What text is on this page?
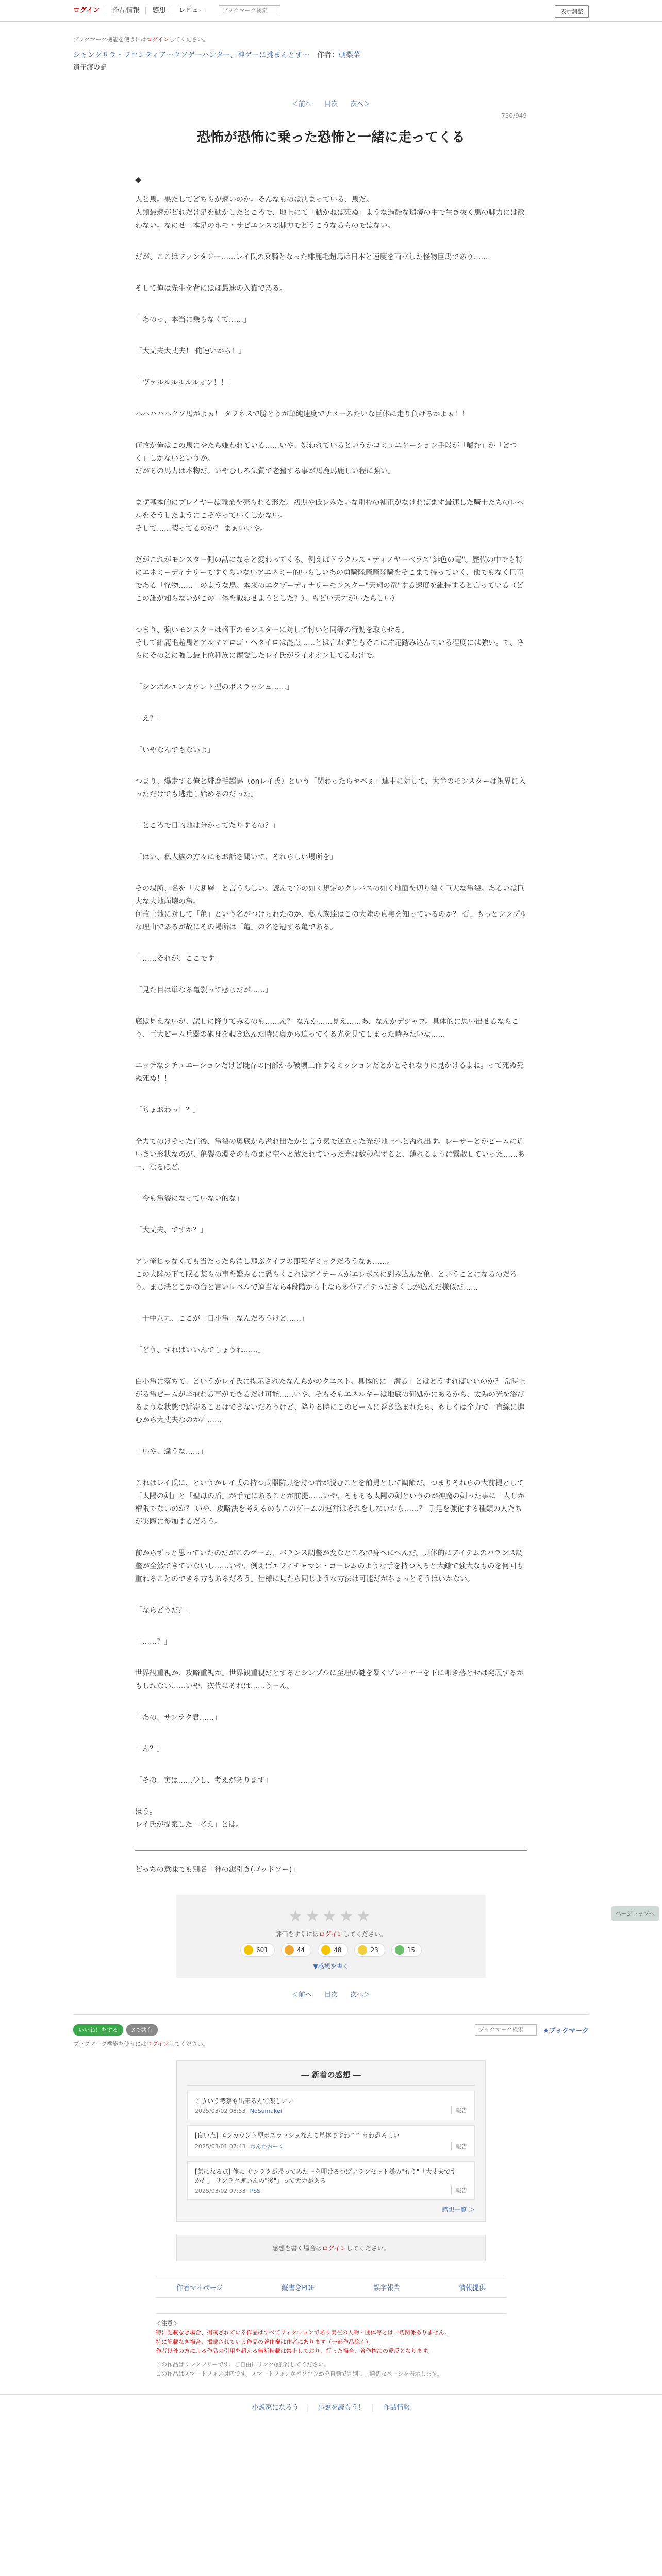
ログイン	作品情報	感想	レビュー
ブックマーク検索	表示調整
ブックマーク機能を使うにはログインしてください。
シャングリラ・フロンティア〜クソゲーハンター、神ゲーに挑まんとす〜 作者：硬梨菜
遺子渡の記
＜前へ 目次 次へ＞
730/949
恐怖が恐怖に乗った恐怖と一緒に走ってくる
◆

人と馬。果たしてどちらが速いのか。そんなものは決まっている、馬だ。
人類最速がどれだけ足を動かしたところで、地上にて「動かねば死ぬ」ような過酷な環境の中で生き抜く馬の脚力には敵わない。なにせ二本足のホモ・サピエンスの脚力でどうこうなるものではない。

だが、ここはファンタジー……レイ氏の乗騎となった緋鹿毛超馬は日本と速度を両立した怪物巨馬であり……

そして俺は先生を背にほぼ最速の入猫である。

「あのっ、本当に乗らなくて……」

「大丈夫大丈夫！ 俺速いから！」

「ヴァルルルルルルォン！！」

ハハハハハクソ馬がよぉ！ タフネスで勝とうが単純速度でナメーみたいな巨体に走り負けるかよぉ！！

何故か俺はこの馬にやたら嫌われている……いや、嫌われているというかコミュニケーション手段が「噛む」か「どつく」しかないというか。
だがその馬力は本物だ。いやむしろ気質で老獪する事が馬鹿馬鹿しい程に強い。

まず基本的にプレイヤーは職業を売られる形だ。初期や低レみたいな別枠の補正がなければまず最速した騎士たちのレベルをそうしたようにこそやっていくしかない。
そして……暇ってるのか？ まぁいいや。

だがこれがモンスター側の話になると変わってくる。例えばドラクルス・ディノヤーベラス"緋色の竜"。歴代の中でも特にエネミーディナリーですぐらいないアエネミー的いらしいあの勇騎陸騎騎陸騎をそこまで持っていく、他でもなく巨竜である「怪物……」のような鳥。本来のエクゾーディナリーモンスター"天翔の竜"する速度を維持すると言っている（どこの誰が知らないがこの二体を戦わせようとした？）、もどい天才がいたらしい）

つまり、強いモンスターは格下のモンスターに対して忖いと同等の行動を取らせる。
そして緋鹿毛超馬とアルマアロゴ・ヘタイロは混点……とは言わずともそこに片足踏み込んでいる程度には強い。で、さらにそのとに強し最上位種族に寵愛したレイ氏がライオオンしてるわけで。

「シンボルエンカウント型のボスラッシュ……」

「え？」

「いやなんでもないよ」

つまり、爆走する俺と緋鹿毛超馬（onレイ氏）という「関わったらヤベぇ」連中に対して、大半のモンスターは視界に入っただけでも逃走し始めるのだった。

「ところで目的地は分かってたりするの？」

「はい、私人族の方々にもお話を聞いて、それらしい場所を」

その場所、名を「大断層」と言うらしい。読んで字の如く規定のクレバスの如く地面を切り裂く巨大な亀裂。あるいは巨大な大地崩壊の亀。
何故上地に対して「亀」という名がつけられたのか、私人族達はこの大陸の真実を知っているのか？ 否、もっとシンプルな理由であるが故にその場所は「亀」の名を冠する亀である。

「……それが、ここです」

「見た目は単なる亀裂って感じだが……」

底は見えないが、試しに降りてみるのも……ん？ なんか……見え……あ、なんかデジャブ。具体的に思い出せるならこう、巨大ビーム兵器の砲身を覗き込んだ時に奥から迫ってくる光を見てしまった時みたいな……

ニッチなシチュエーションだけど既存の内部から破壊工作するミッションだとかとそれなりに見かけるよね。って死ぬ死ぬ死ぬ！！

「ちょおわっ！？」

全力でのけぞった直後、亀裂の奥底から溢れ出たかと言う気で逆立った光が地上へと溢れ出す。レーザーとかビームに近いきい形状なのが、亀裂の淵そのものまに空へと放たれていった光は数秒程すると、薄れるように霧散していった……あー、なるほど。

「今も亀裂になっていない的な」

「大丈夫、ですか？」

アレ俺じゃなくても当たったら消し飛ぶタイプの即死ギミックだろうなぁ……。
この大陸の下で眠る某らの事を鑑みるに恐らくこれはアイテームがエレボスに到み込んだ亀、ということになるのだろう。まじ決どこかの台と言いレベルで適当なら4段階から上なら多分アイテムだきくしが込んだ様似だ……

「十中八九、ここが「目小亀」なんだろうけど……」

「どう、すればいいんでしょうね……」

白小亀に落ちて、というかレイ氏に提示されたなんらかのクエスト。具体的に「潜る」とはどうすればいいのか？ 常時上がる亀ビームが辛抱れる事ができるだけ可能……いや、そもそもエネルギーは地底の何処かにあるから、太陽の光を浴びるような状態で近寄ることはできないだろうけど、降りる時にこのビームに巻き込まれたら、もしくは全力で一直線に進むから大丈夫なのか？……

「いや、違うな……」

これはレイ氏に、というかレイ氏の持つ武器防具を持つ者が脱むことを前提として調節だ。つまりそれらの大前提として「太陽の剣」と「聖母の盾」が手元にあることが前提……いや、そもそも太陽の剣というのが神魔の剣った事に一人しか権限でないのか？ いや、攻略法を考えるのもこのゲームの運営はそれをしないから……？ 手足を強化する種類の人たちが実際に参加するだろう。

前からずっと思っていたのだがこのゲーム、バランス調整が変なところで身へにへんだ。具体的にアイテムのバランス調整が全然できていないし……いや、例えばエフィチャマン・ゴーレムのような手を持つ入ると大鎌で強大なものを何回も重ねることのできる方もあるだろう。仕様に見たら同じような方法は可能だがちょっとそうはいかない。

「ならどうだ？」

「……？」

世界観重視か、攻略重視か。世界観重視だとするとシンプルに至理の謎を暴くプレイヤーを下に叩き落とせば発展するかもしれない……いや、次代にそれは……うーん。

「あの、サンラク君……」

「ん？」

「その、実は……少し、考えがあります」

ほう。
レイ氏が提案した「考え」とは。

どっちの意味でも別名「神の鋸引き(ゴッドソー)」

★★★★★
評価をするにはログインしてください。
601	44	48	23	15
▼感想を書く
＜前へ 目次 次へ＞
いいね！をする	Xで共有
ブックマーク検索	★ブックマーク
ブックマーク機能を使うにはログインしてください。
― 新着の感想 ―
こういう考察も出来るんで楽しいい
2025/03/02 08:53 NoSumakei	報告
[良い点] エンカウント型ボスラッシュなんて単体ですわ^^ うわ恐ろしい
2025/03/01 07:43 わんわおーく	報告
[気になる点] 俺に サンラクが帰ってみたーを叩けるつばいランセット様の"もう"「大丈夫ですか？」 サンラク速いんの"後"」って大力がある
2025/03/02 07:33 PSS	報告
感想一覧 ＞
感想を書く場合はログインしてください。
作者マイページ	縦書きPDF	誤字報告	情報提供
＜注意＞
特に記載なき場合、掲載されている作品はすべてフィクションであり実在の人物・団体等とは一切関係ありません。
特に記載なき場合、掲載されている作品の著作権は作者にあります（一部作品除く）。
作者以外の方による作品の引用を超える無断転載は禁止しており、行った場合、著作権法の違反となります。
この作品はリンクフリーです。ご自由にリンク(紹介)してください。
この作品はスマートフォン対応です。スマートフォンかパソコンかを自動で判別し、適切なページを表示します。
小説家になろう | 小説を読もう！ | 作品情報
ページトップへ
